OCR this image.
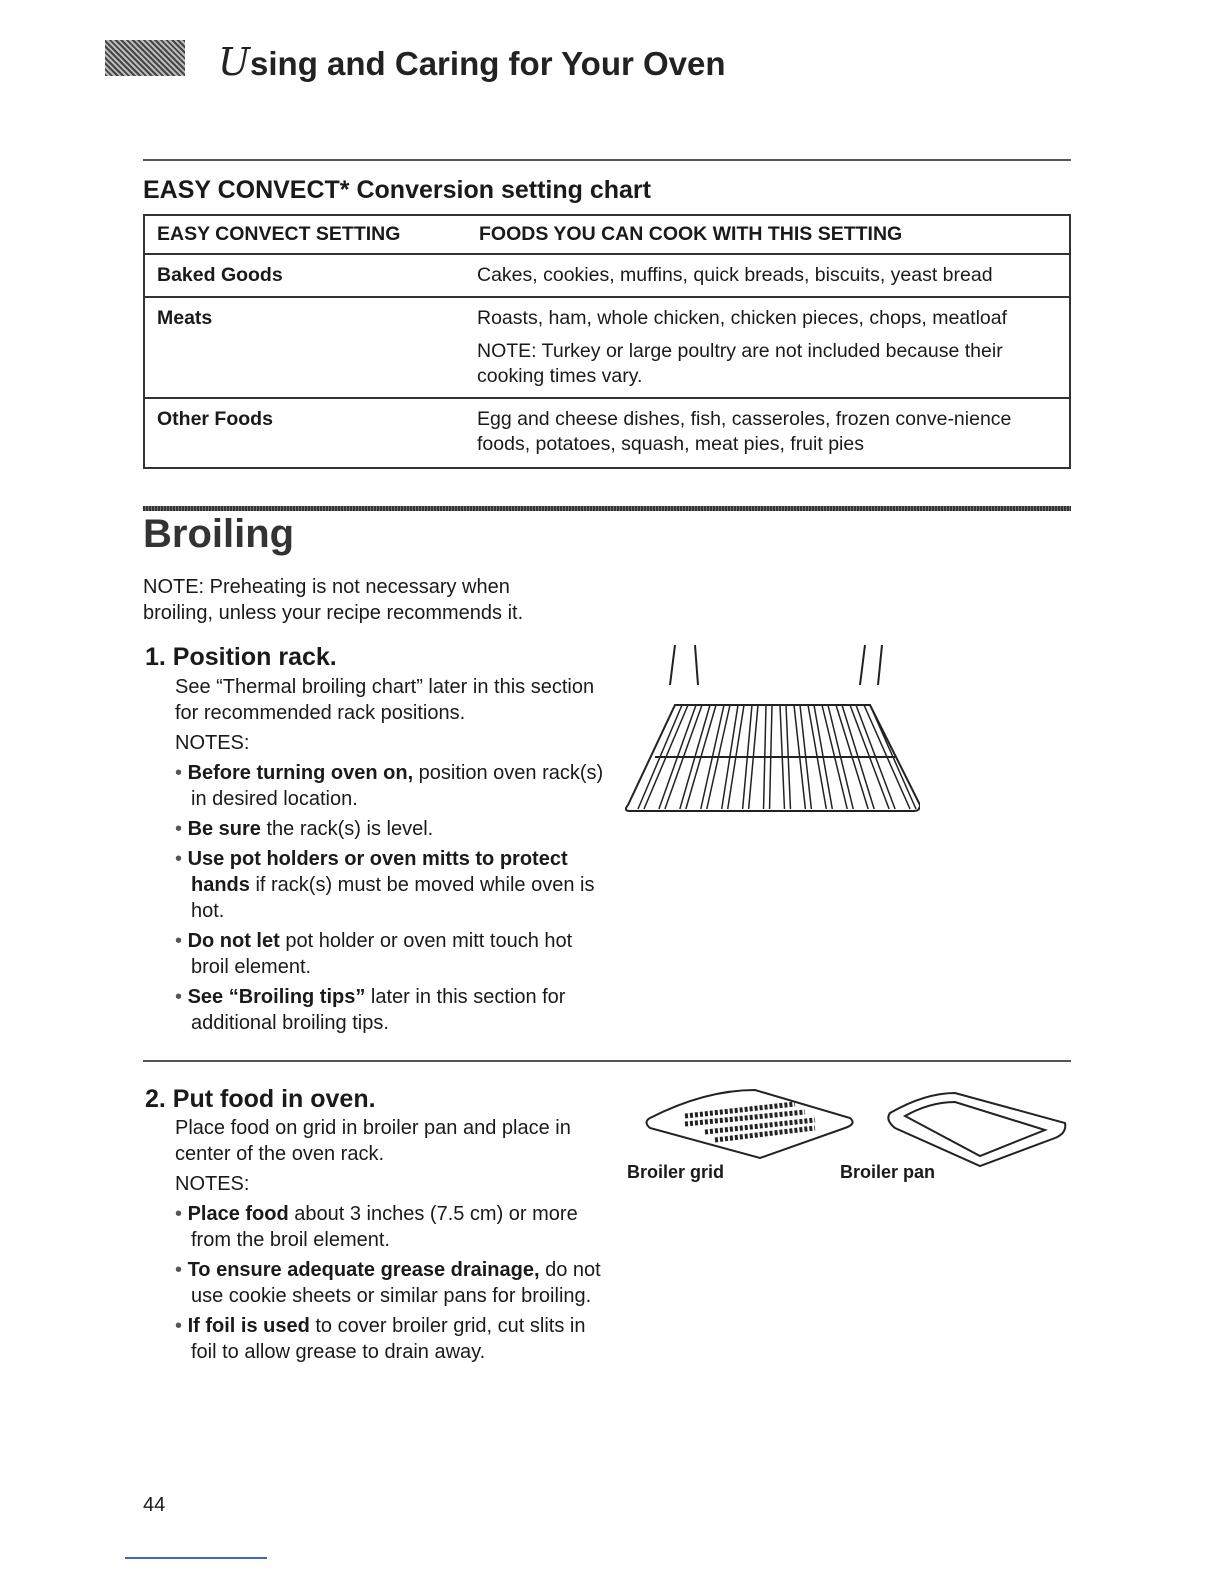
Using and Caring for Your Oven
EASY CONVECT* Conversion setting chart
EASY CONVECT SETTING	FOODS YOU CAN COOK WITH THIS SETTING
Baked Goods	Cakes, cookies, muffins, quick breads, biscuits, yeast bread
Meats	Roasts, ham, whole chicken, chicken pieces, chops, meatloaf
NOTE: Turkey or large poultry are not included because their cooking times vary.

Other Foods	Egg and cheese dishes, fish, casseroles, frozen conve-nience foods, potatoes, squash, meat pies, fruit pies
Broiling
NOTE: Preheating is not necessary when broiling, unless your recipe recommends it.
1. Position rack.
See “Thermal broiling chart” later in this section for recommended rack positions.
NOTES:
• Before turning oven on, position oven rack(s) in desired location.
• Be sure the rack(s) is level.
• Use pot holders or oven mitts to protect hands if rack(s) must be moved while oven is hot.
• Do not let pot holder or oven mitt touch hot broil element.
• See “Broiling tips” later in this section for additional broiling tips.
2. Put food in oven.
Place food on grid in broiler pan and place in center of the oven rack.
NOTES:
• Place food about 3 inches (7.5 cm) or more from the broil element.
• To ensure adequate grease drainage, do not use cookie sheets or similar pans for broiling.
• If foil is used to cover broiler grid, cut slits in foil to allow grease to drain away.
Broiler grid	Broiler pan
44
